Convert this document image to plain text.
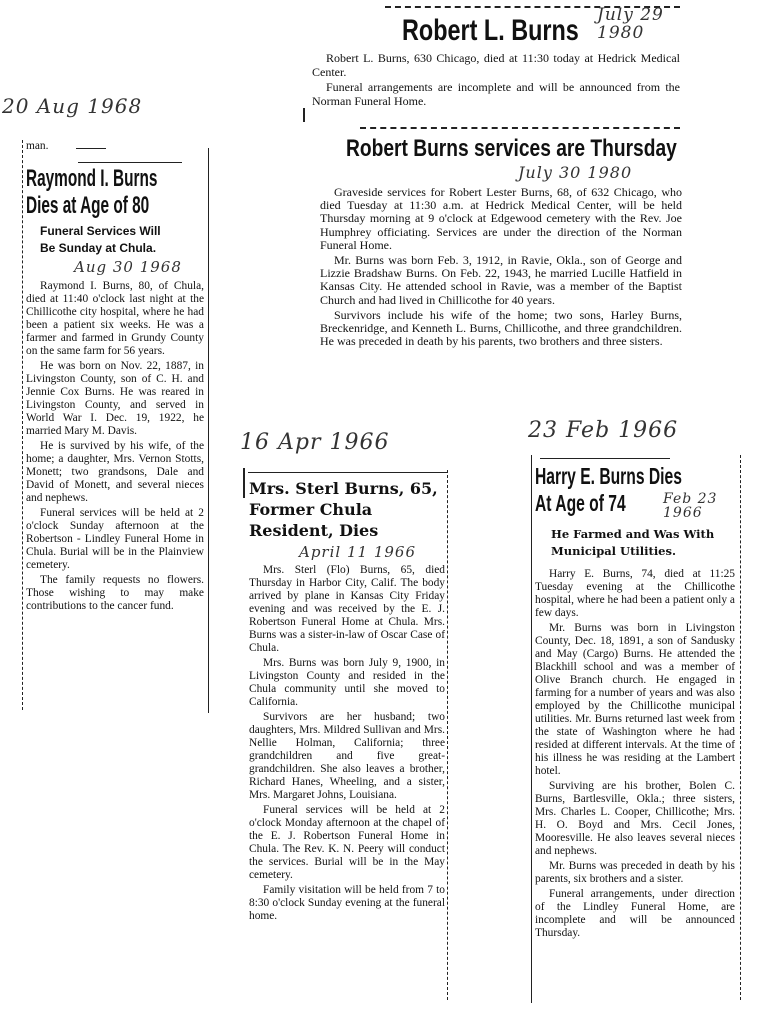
Robert L. Burns July 29 1980

Robert L. Burns, 630 Chicago, died at 11:30 today at Hedrick Medical Center.

Funeral arrangements are incomplete and will be announced from the Norman Funeral Home.

Robert Burns services are Thursday
July 30 1980

Graveside services for Robert Lester Burns, 68, of 632 Chicago, who died Tuesday at 11:30 a.m. at Hedrick Medical Center, will be held Thursday morning at 9 o'clock at Edgewood cemetery with the Rev. Joe Humphrey officiating. Services are under the direction of the Norman Funeral Home.

Mr. Burns was born Feb. 3, 1912, in Ravie, Okla., son of George and Lizzie Bradshaw Burns. On Feb. 22, 1943, he married Lucille Hatfield in Kansas City. He attended school in Ravie, was a member of the Baptist Church and had lived in Chillicothe for 40 years.

Survivors include his wife of the home; two sons, Harley Burns, Breckenridge, and Kenneth L. Burns, Chillicothe, and three grandchildren. He was preceded in death by his parents, two brothers and three sisters.

20 Aug 1968
man.
Raymond I. Burns
Dies at Age of 80
Funeral Services Will
Be Sunday at Chula.
Aug 30 1968

Raymond I. Burns, 80, of Chula, died at 11:40 o'clock last night at the Chillicothe city hospital, where he had been a patient six weeks. He was a farmer and farmed in Grundy County on the same farm for 56 years.

He was born on Nov. 22, 1887, in Livingston County, son of C. H. and Jennie Cox Burns. He was reared in Livingston County, and served in World War I. Dec. 19, 1922, he married Mary M. Davis.

He is survived by his wife, of the home; a daughter, Mrs. Vernon Stotts, Monett; two grandsons, Dale and David of Monett, and several nieces and nephews.

Funeral services will be held at 2 o'clock Sunday afternoon at the Robertson - Lindley Funeral Home in Chula. Burial will be in the Plainview cemetery.

The family requests no flowers. Those wishing to may make contributions to the cancer fund.

16 Apr 1966
Mrs. Sterl Burns, 65, Former Chula Resident, Dies
April 11 1966

Mrs. Sterl (Flo) Burns, 65, died Thursday in Harbor City, Calif. The body arrived by plane in Kansas City Friday evening and was received by the E. J. Robertson Funeral Home at Chula. Mrs. Burns was a sister-in-law of Oscar Case of Chula.

Mrs. Burns was born July 9, 1900, in Livingston County and resided in the Chula community until she moved to California.

Survivors are her husband; two daughters, Mrs. Mildred Sullivan and Mrs. Nellie Holman, California; three grandchildren and five great-grandchildren. She also leaves a brother, Richard Hanes, Wheeling, and a sister, Mrs. Margaret Johns, Louisiana.

Funeral services will be held at 2 o'clock Monday afternoon at the chapel of the E. J. Robertson Funeral Home in Chula. The Rev. K. N. Peery will conduct the services. Burial will be in the May cemetery.

Family visitation will be held from 7 to 8:30 o'clock Sunday evening at the funeral home.

23 Feb 1966
Harry E. Burns Dies
At Age of 74	Feb 23 1966
He Farmed and Was With Municipal Utilities.

Harry E. Burns, 74, died at 11:25 Tuesday evening at the Chillicothe hospital, where he had been a patient only a few days.

Mr. Burns was born in Livingston County, Dec. 18, 1891, a son of Sandusky and May (Cargo) Burns. He attended the Blackhill school and was a member of Olive Branch church. He engaged in farming for a number of years and was also employed by the Chillicothe municipal utilities. Mr. Burns returned last week from the state of Washington where he had resided at different intervals. At the time of his illness he was residing at the Lambert hotel.

Surviving are his brother, Bolen C. Burns, Bartlesville, Okla.; three sisters, Mrs. Charles L. Cooper, Chillicothe; Mrs. H. O. Boyd and Mrs. Cecil Jones, Mooresville. He also leaves several nieces and nephews.

Mr. Burns was preceded in death by his parents, six brothers and a sister.

Funeral arrangements, under direction of the Lindley Funeral Home, are incomplete and will be announced Thursday.
